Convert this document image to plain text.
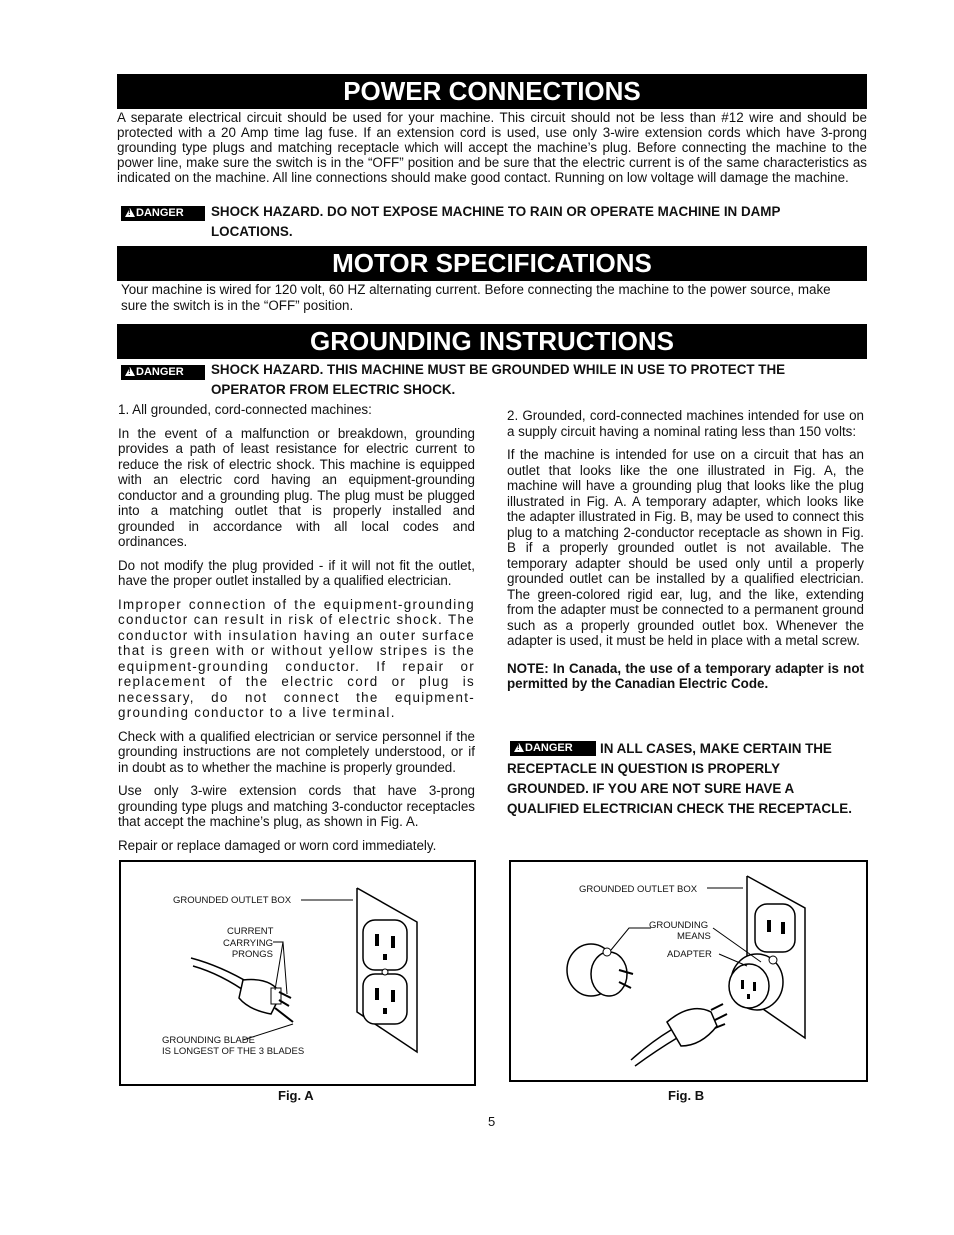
POWER CONNECTIONS
A separate electrical circuit should be used for your machine. This circuit should not be less than #12 wire and should be protected with a 20 Amp time lag fuse. If an extension cord is used, use only 3-wire extension cords which have 3-prong grounding type plugs and matching receptacle which will accept the machine’s plug. Before connecting the machine to the power line, make sure the switch is in the “OFF” position and be sure that the electric current is of the same characteristics as indicated on the machine. All line connections should make good contact. Running on low voltage will damage the machine.
!DANGER	SHOCK HAZARD. DO NOT EXPOSE MACHINE TO RAIN OR OPERATE MACHINE IN DAMP
LOCATIONS.
MOTOR SPECIFICATIONS
Your machine is wired for 120 volt, 60 HZ alternating current. Before connecting the machine to the power source, make sure the switch is in the “OFF” position.
GROUNDING INSTRUCTIONS
!DANGER	SHOCK HAZARD. THIS MACHINE MUST BE GROUNDED WHILE IN USE TO PROTECT THE
OPERATOR FROM ELECTRIC SHOCK.

1. All grounded, cord-connected machines:

In the event of a malfunction or breakdown, grounding provides a path of least resistance for electric current to reduce the risk of electric shock. This machine is equipped with an electric cord having an equipment-grounding conductor and a grounding plug. The plug must be plugged into a matching outlet that is properly installed and grounded in accordance with all local codes and ordinances.

Do not modify the plug provided - if it will not fit the outlet, have the proper outlet installed by a qualified electrician.

Improper connection of the equipment-grounding conductor can result in risk of electric shock. The conductor with insulation having an outer surface that is green with or without yellow stripes is the equipment-grounding conductor. If repair or replacement of the electric cord or plug is necessary, do not connect the equipment-grounding conductor to a live terminal.

Check with a qualified electrician or service personnel if the grounding instructions are not completely understood, or if in doubt as to whether the machine is properly grounded.

Use only 3-wire extension cords that have 3-prong grounding type plugs and matching 3-conductor receptacles that accept the machine’s plug, as shown in Fig. A.

Repair or replace damaged or worn cord immediately.

2. Grounded, cord-connected machines intended for use on a supply circuit having a nominal rating less than 150 volts:

If the machine is intended for use on a circuit that has an outlet that looks like the one illustrated in Fig. A, the machine will have a grounding plug that looks like the plug illustrated in Fig. A. A temporary adapter, which looks like the adapter illustrated in Fig. B, may be used to connect this plug to a matching 2-conductor receptacle as shown in Fig. B if a properly grounded outlet is not available. The temporary adapter should be used only until a properly grounded outlet can be installed by a qualified electrician. The green-colored rigid ear, lug, and the like, extending from the adapter must be connected to a permanent ground such as a properly grounded outlet box. Whenever the adapter is used, it must be held in place with a metal screw.

NOTE: In Canada, the use of a temporary adapter is not permitted by the Canadian Electric Code.

!DANGER	IN ALL CASES, MAKE CERTAIN THE
RECEPTACLE IN QUESTION IS PROPERLY
GROUNDED. IF YOU ARE NOT SURE HAVE A
QUALIFIED ELECTRICIAN CHECK THE RECEPTACLE.
GROUNDED OUTLET BOX
CURRENT
CARRYING
PRONGS
GROUNDING BLADE
IS LONGEST OF THE 3 BLADES
Fig. A
GROUNDED OUTLET BOX
GROUNDING
MEANS
ADAPTER
Fig. B
5
